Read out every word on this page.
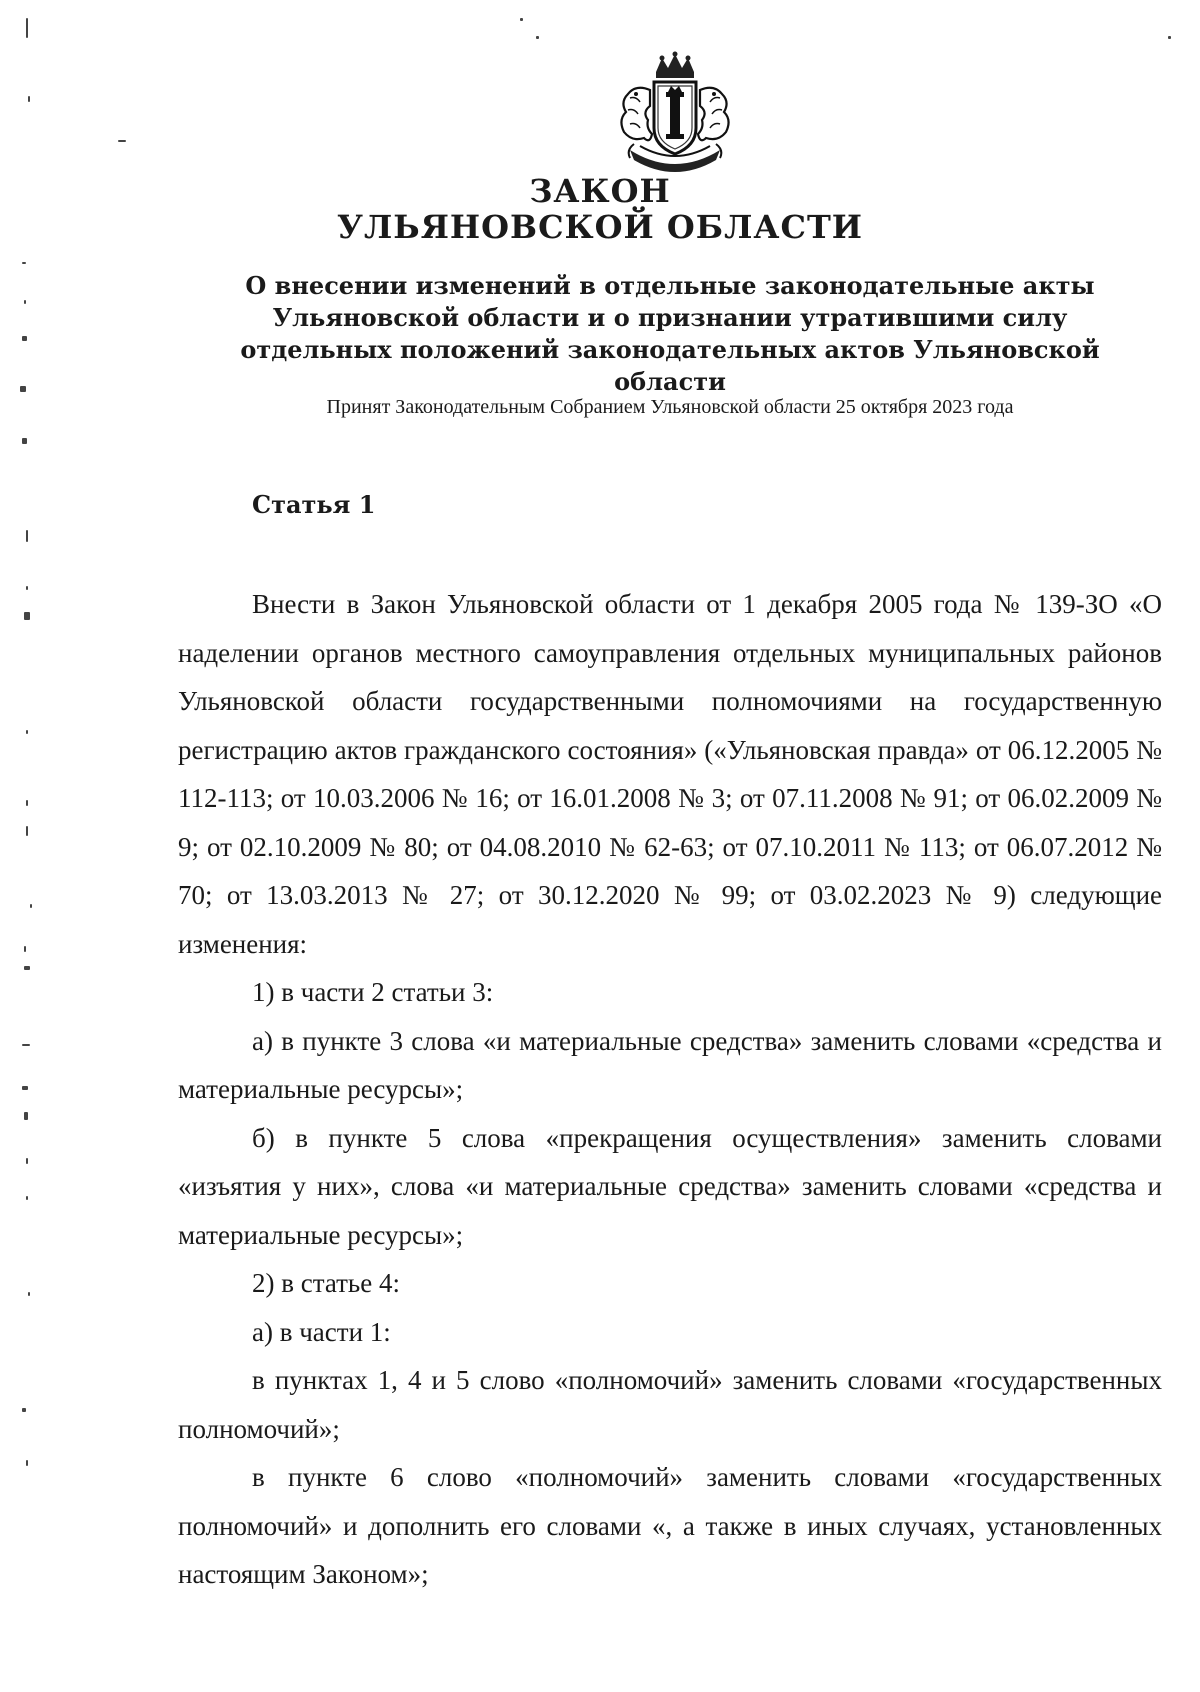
ЗАКОН
УЛЬЯНОВСКОЙ ОБЛАСТИ
О внесении изменений в отдельные законодательные акты Ульяновской области и о признании утратившими силу отдельных положений законодательных актов Ульяновской области
Принят Законодательным Собранием Ульяновской области 25 октября 2023 года
Статья 1

Внести в Закон Ульяновской области от 1 декабря 2005 года № 139-ЗО «О наделении органов местного самоуправления отдельных муниципальных районов Ульяновской области государственными полномочиями на государственную регистрацию актов гражданского состояния» («Ульяновская правда» от 06.12.2005 № 112-113; от 10.03.2006 № 16; от 16.01.2008 № 3; от 07.11.2008 № 91; от 06.02.2009 № 9; от 02.10.2009 № 80; от 04.08.2010 № 62-63; от 07.10.2011 № 113; от 06.07.2012 № 70; от 13.03.2013 № 27; от 30.12.2020 № 99; от 03.02.2023 № 9) следующие изменения:

1) в части 2 статьи 3:

а) в пункте 3 слова «и материальные средства» заменить словами «средства и материальные ресурсы»;

б) в пункте 5 слова «прекращения осуществления» заменить словами «изъятия у них», слова «и материальные средства» заменить словами «средства и материальные ресурсы»;

2) в статье 4:

а) в части 1:

в пунктах 1, 4 и 5 слово «полномочий» заменить словами «государственных полномочий»;

в пункте 6 слово «полномочий» заменить словами «государственных полномочий» и дополнить его словами «, а также в иных случаях, установленных настоящим Законом»;
